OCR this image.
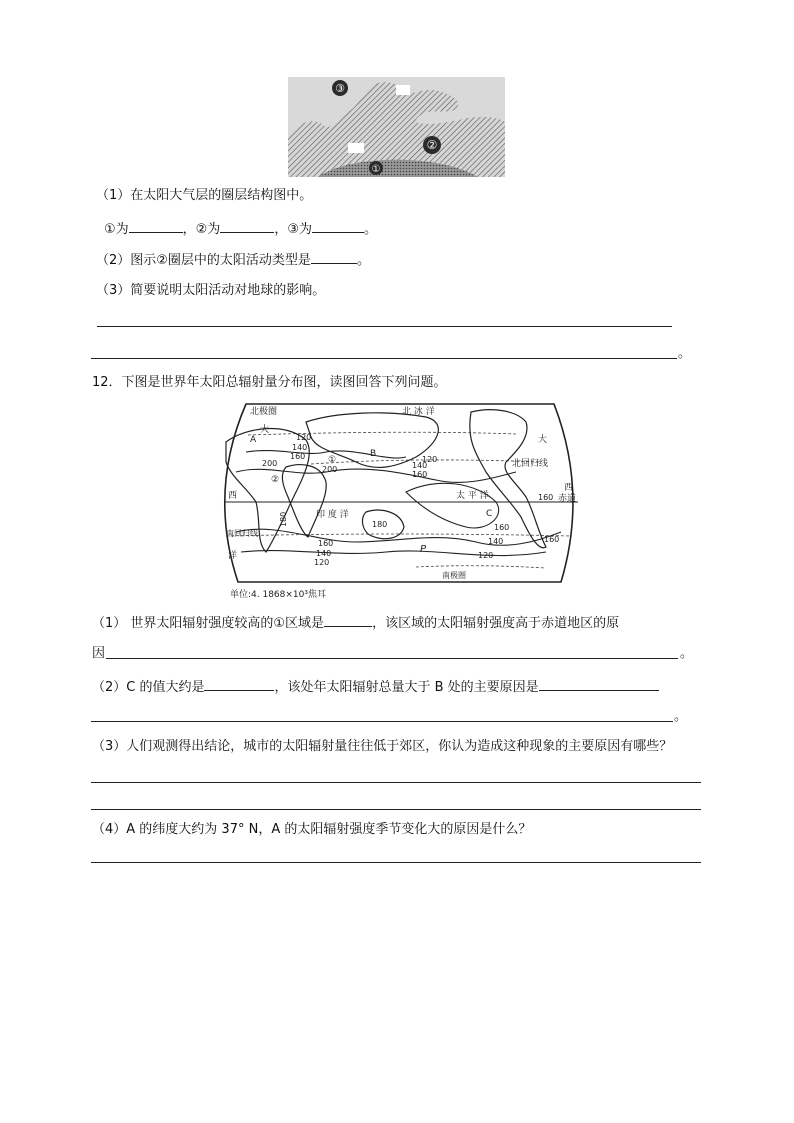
③
②
①
（1）在太阳大气层的圈层结构图中。
①为	，②为	，③为	。
（2）图示②圈层中的太阳活动类型是	。
（3）简要说明太阳活动对地球的影响。
。
12．下图是世界年太阳总辐射量分布图，读图回答下列问题。
北极圈	北 冰 洋
大
A	大
北回归线
西
西
赤道
太 平 洋
印 度 洋	C
B
②
①
南回归线
洋
南极圈
P
120
140
160
200
200
120
140
160
160
180	180
160
140
120
160
140
120
160
单位:4. 1868×10³焦耳
（1） 世界太阳辐射强度较高的①区域是	，该区域的太阳辐射强度高于赤道地区的原
因	。
（2）C 的值大约是	，该处年太阳辐射总量大于 B 处的主要原因是
。
（3）人们观测得出结论，城市的太阳辐射量往往低于郊区，你认为造成这种现象的主要原因有哪些？
（4）A 的纬度大约为 37° N，A 的太阳辐射强度季节变化大的原因是什么？
